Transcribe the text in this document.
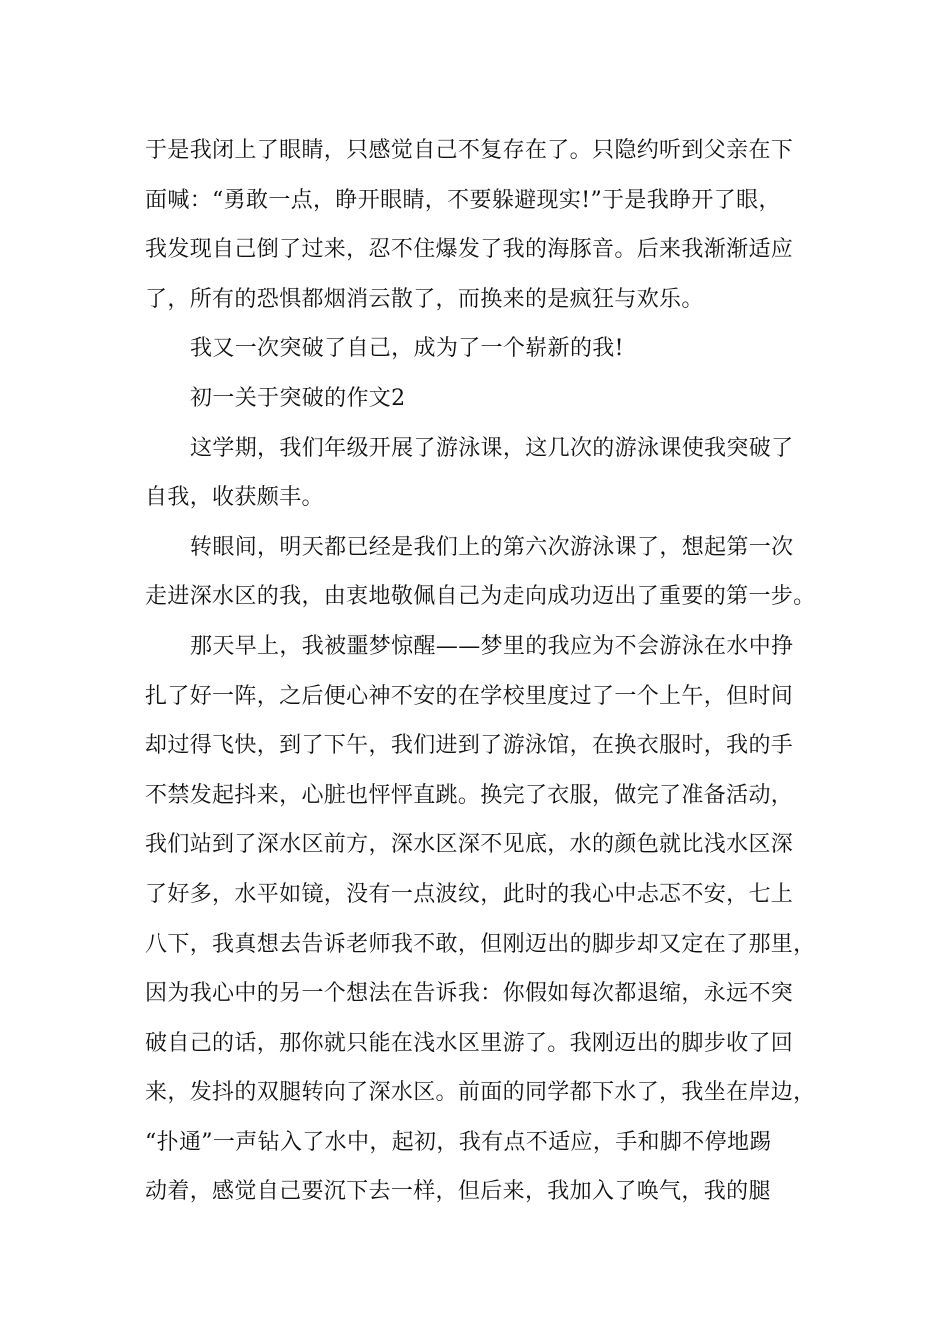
于是我闭上了眼睛，只感觉自己不复存在了。只隐约听到父亲在下
面喊：“勇敢一点，睁开眼睛，不要躲避现实!”于是我睁开了眼，
我发现自己倒了过来，忍不住爆发了我的海豚音。后来我渐渐适应
了，所有的恐惧都烟消云散了，而换来的是疯狂与欢乐。
我又一次突破了自己，成为了一个崭新的我!
初一关于突破的作文2
这学期，我们年级开展了游泳课，这几次的游泳课使我突破了
自我，收获颇丰。
转眼间，明天都已经是我们上的第六次游泳课了，想起第一次
走进深水区的我，由衷地敬佩自己为走向成功迈出了重要的第一步。
那天早上，我被噩梦惊醒——梦里的我应为不会游泳在水中挣
扎了好一阵，之后便心神不安的在学校里度过了一个上午，但时间
却过得飞快，到了下午，我们进到了游泳馆，在换衣服时，我的手
不禁发起抖来，心脏也怦怦直跳。换完了衣服，做完了准备活动，
我们站到了深水区前方，深水区深不见底，水的颜色就比浅水区深
了好多，水平如镜，没有一点波纹，此时的我心中忐忑不安，七上
八下，我真想去告诉老师我不敢，但刚迈出的脚步却又定在了那里，
因为我心中的另一个想法在告诉我：你假如每次都退缩，永远不突
破自己的话，那你就只能在浅水区里游了。我刚迈出的脚步收了回
来，发抖的双腿转向了深水区。前面的同学都下水了，我坐在岸边，
“扑通”一声钻入了水中，起初，我有点不适应，手和脚不停地踢
动着，感觉自己要沉下去一样，但后来，我加入了唤气，我的腿
